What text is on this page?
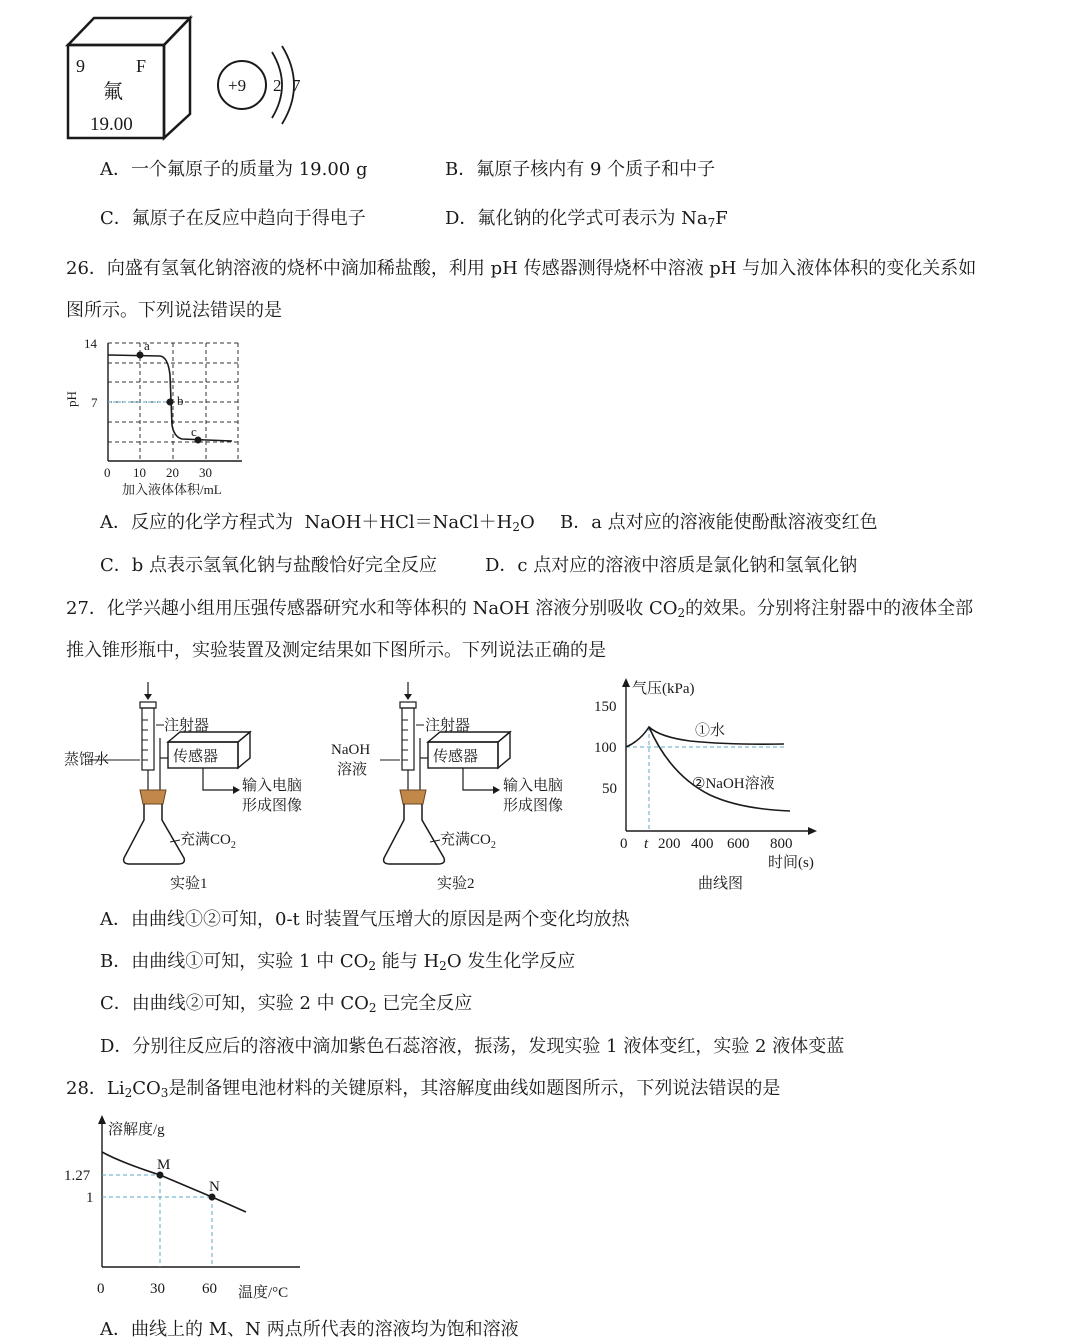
9	F
氟
19.00
+9 2 7
A．一个氟原子的质量为 19.00 g	B．氟原子核内有 9 个质子和中子
C．氟原子在反应中趋向于得电子	D．氟化钠的化学式可表示为 $Na_7F$
26．向盛有氢氧化钠溶液的烧杯中滴加稀盐酸，利用 pH 传感器测得烧杯中溶液 pH 与加入液体体积的变化关系如
图所示。下列说法错误的是
a
b
c
14
7
pH
0 10 20 30
加入液体体积/mL
A．反应的化学方程式为 $NaOH+HCl=NaCl+H_2O$ B．a 点对应的溶液能使酚酞溶液变红色
C．b 点表示氢氧化钠与盐酸恰好完全反应	D．c 点对应的溶液中溶质是氯化钠和氢氧化钠
27．化学兴趣小组用压强传感器研究水和等体积的 NaOH 溶液分别吸收 $CO_2$的效果。分别将注射器中的液体全部
推入锥形瓶中，实验装置及测定结果如下图所示。下列说法正确的是
注射器
蒸馏水	传感器
输入电脑
形成图像
充满$CO_2$
实验1
注射器
NaOH
溶液
传感器
输入电脑
形成图像
充满$CO_2$
实验2
气压(kPa)
150
100
50
0 t 200 400 600 800
时间(s)
①水
②NaOH溶液
曲线图
A．由曲线①②可知，0-t 时装置气压增大的原因是两个变化均放热
B．由曲线①可知，实验 1 中 $CO_2$ 能与 $H_2O$ 发生化学反应
C．由曲线②可知，实验 2 中 $CO_2$ 已完全反应
D．分别往反应后的溶液中滴加紫色石蕊溶液，振荡，发现实验 1 液体变红，实验 2 液体变蓝
28．$Li_2CO_3$是制备锂电池材料的关键原料，其溶解度曲线如题图所示，下列说法错误的是
M
N
溶解度/g
1.27
1
0	30 60 温度/°C
A．曲线上的 M、N 两点所代表的溶液均为饱和溶液
